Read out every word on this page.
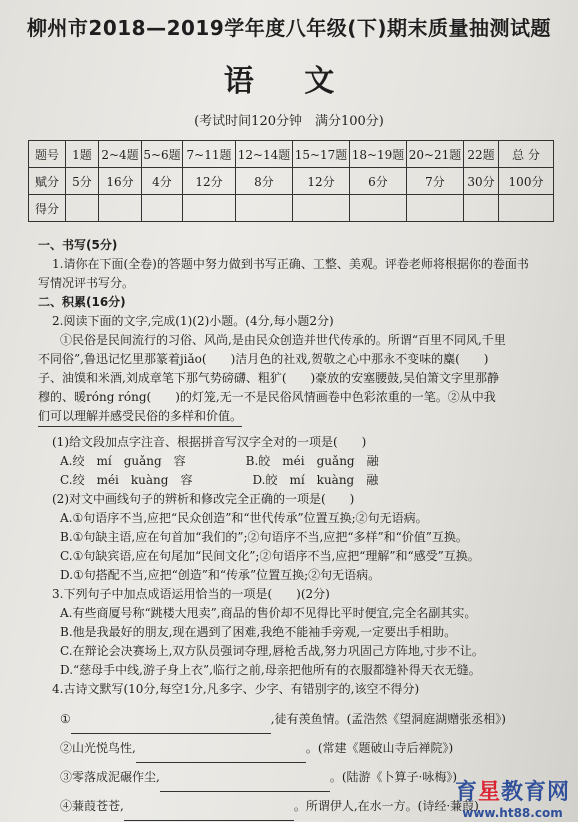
柳州市2018—2019学年度八年级(下)期末质量抽测试题
语 文
(考试时间120分钟　满分100分)
题号	1题	2~4题	5~6题	7~11题	12~14题	15~17题	18~19题	20~21题	22题	总 分
赋分	5分	16分	4分	12分	8分	12分	6分	7分	30分	100分
得分										
一、书写(5分)
1.请你在下面(全卷)的答题中努力做到书写正确、工整、美观。评卷老师将根据你的卷面书
写情况评书写分。
二、积累(16分)
2.阅读下面的文字,完成(1)(2)小题。(4分,每小题2分)
①民俗是民间流行的习俗、风尚,是由民众创造并世代传承的。所谓“百里不同风,千里
不同俗”,鲁迅记忆里那篆着jiǎo(　　)洁月色的社戏,贺敬之心中那永不变味的麋(　　)
子、油馍和米酒,刘成章笔下那气势磅礴、粗犷(　　)豪放的安塞腰鼓,吴伯箫文字里那静
穆的、暖róng róng(　　)的灯笼,无一不是民俗风情画卷中色彩浓重的一笔。②从中我
们可以理解并感受民俗的多样和价值。
(1)给文段加点字注音、根据拼音写汉字全对的一项是(　　)
A.绞　mí　guǎng　容　　　　　B.皎　méi　guǎng　融
C.绞　méi　kuàng　容　　　　　D.皎　mí　kuàng　融
(2)对文中画线句子的辨析和修改完全正确的一项是(　　)
A.①句语序不当,应把“民众创造”和“世代传承”位置互换;②句无语病。
B.①句缺主语,应在句首加“我们的”;②句语序不当,应把“多样”和“价值”互换。
C.①句缺宾语,应在句尾加“民间文化”;②句语序不当,应把“理解”和“感受”互换。
D.①句搭配不当,应把“创造”和“传承”位置互换;②句无语病。
3.下列句子中加点成语运用恰当的一项是(　　)(2分)
A.有些商厦号称“跳楼大甩卖”,商品的售价却不见得比平时便宜,完全名副其实。
B.他是我最好的朋友,现在遇到了困难,我绝不能袖手旁观,一定要出手相助。
C.在辩论会决赛场上,双方队员强词夺理,唇枪舌战,努力巩固己方阵地,寸步不让。
D.“慈母手中线,游子身上衣”,临行之前,母亲把他所有的衣服都缝补得天衣无缝。
4.古诗文默写(10分,每空1分,凡多字、少字、有错别字的,该空不得分)
①	,徒有羡鱼情。(孟浩然《望洞庭湖赠张丞相》)
②山光悦鸟性,	。(常建《题破山寺后禅院》)
③零落成泥碾作尘,	。(陆游《卜算子·咏梅》)
④蒹葭苍苍,	。所谓伊人,在水一方。(诗经·蒹葭)
育星教育网
www.ht88.com
